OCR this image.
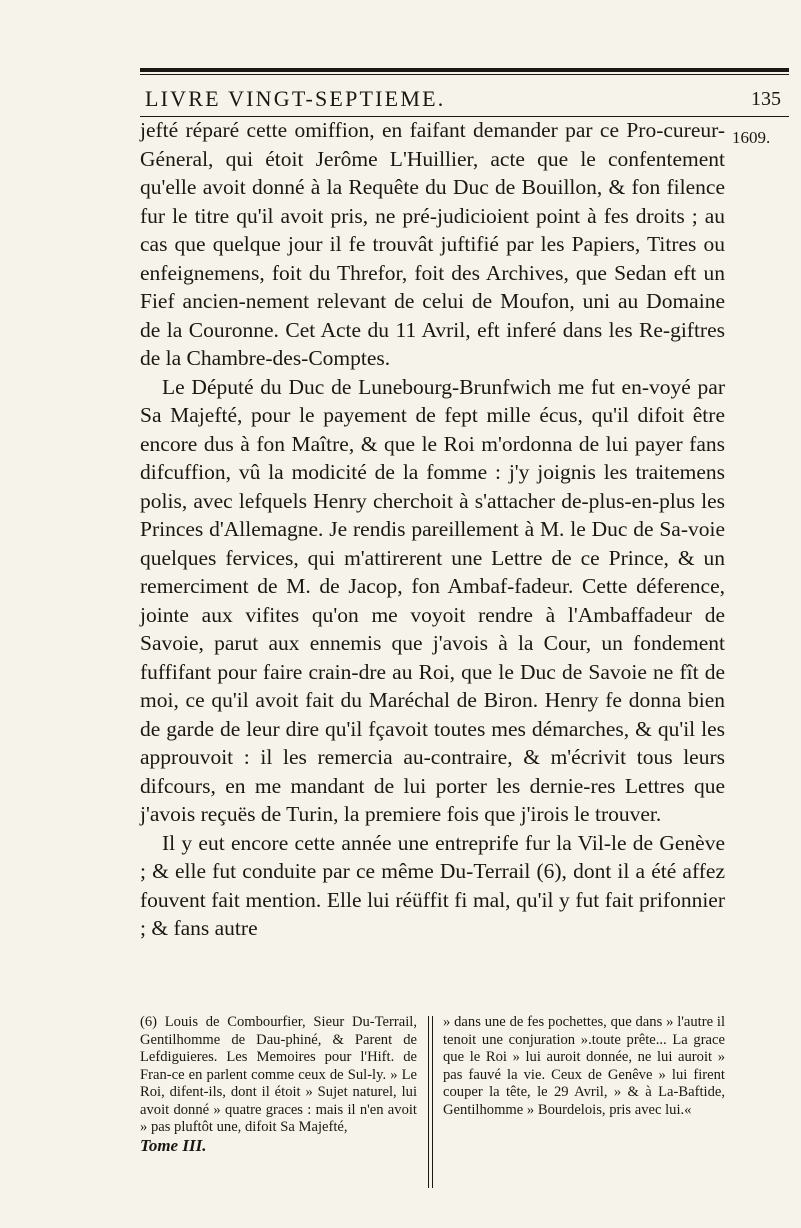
LIVRE VINGT-SEPTIEME.	135
1609.

jefté réparé cette omiffion, en faifant demander par ce Pro-cureur-Géneral, qui étoit Jerôme L'Huillier, acte que le confentement qu'elle avoit donné à la Requête du Duc de Bouillon, & fon filence fur le titre qu'il avoit pris, ne pré-judicioient point à fes droits ; au cas que quelque jour il fe trouvât juftifié par les Papiers, Titres ou enfeignemens, foit du Threfor, foit des Archives, que Sedan eft un Fief ancien-nement relevant de celui de Moufon, uni au Domaine de la Couronne. Cet Acte du 11 Avril, eft inferé dans les Re-giftres de la Chambre-des-Comptes.

Le Député du Duc de Lunebourg-Brunfwich me fut en-voyé par Sa Majefté, pour le payement de fept mille écus, qu'il difoit être encore dus à fon Maître, & que le Roi m'ordonna de lui payer fans difcuffion, vû la modicité de la fomme : j'y joignis les traitemens polis, avec lefquels Henry cherchoit à s'attacher de-plus-en-plus les Princes d'Allemagne. Je rendis pareillement à M. le Duc de Sa-voie quelques fervices, qui m'attirerent une Lettre de ce Prince, & un remerciment de M. de Jacop, fon Ambaf-fadeur. Cette déference, jointe aux vifites qu'on me voyoit rendre à l'Ambaffadeur de Savoie, parut aux ennemis que j'avois à la Cour, un fondement fuffifant pour faire crain-dre au Roi, que le Duc de Savoie ne fît de moi, ce qu'il avoit fait du Maréchal de Biron. Henry fe donna bien de garde de leur dire qu'il fçavoit toutes mes démarches, & qu'il les approuvoit : il les remercia au-contraire, & m'écrivit tous leurs difcours, en me mandant de lui porter les dernie-res Lettres que j'avois reçuës de Turin, la premiere fois que j'irois le trouver.

Il y eut encore cette année une entreprife fur la Vil-le de Genève ; & elle fut conduite par ce même Du-Terrail (6), dont il a été affez fouvent fait mention. Elle lui réüffit fi mal, qu'il y fut fait prifonnier ; & fans autre

(6) Louis de Combourfier, Sieur Du-Terrail, Gentilhomme de Dau-phiné, & Parent de Lefdiguieres. Les Memoires pour l'Hift. de Fran-ce en parlent comme ceux de Sul-ly. » Le Roi, difent-ils, dont il étoit » Sujet naturel, lui avoit donné » quatre graces : mais il n'en avoit » pas pluftôt une, difoit Sa Majefté,
Tome III.
» dans une de fes pochettes, que dans » l'autre il tenoit une conjuration ».toute prête... La grace que le Roi » lui auroit donnée, ne lui auroit » pas fauvé la vie. Ceux de Genêve » lui firent couper la tête, le 29 Avril, » & à La-Baftide, Gentilhomme » Bourdelois, pris avec lui.«
